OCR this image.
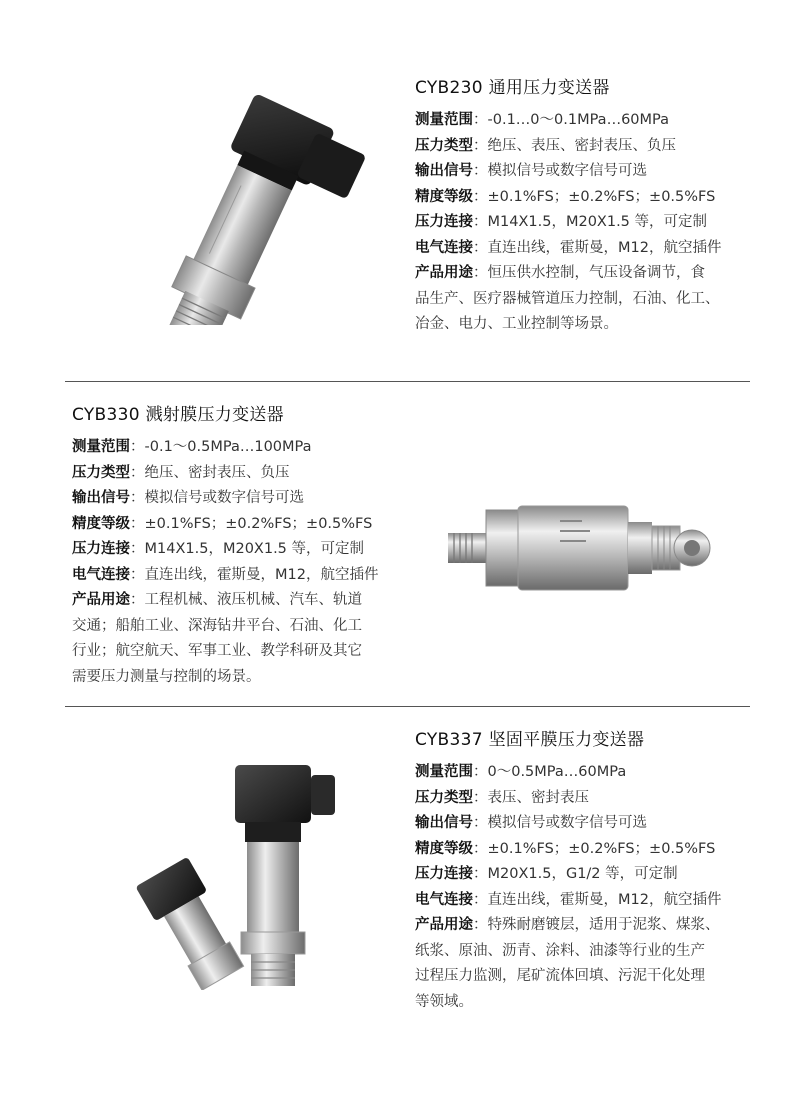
CYB230 通用压力变送器
测量范围：-0.1…0～0.1MPa…60MPa
压力类型：绝压、表压、密封表压、负压
输出信号：模拟信号或数字信号可选
精度等级：±0.1%FS；±0.2%FS；±0.5%FS
压力连接：M14X1.5，M20X1.5 等，可定制
电气连接：直连出线，霍斯曼，M12，航空插件
产品用途：恒压供水控制，气压设备调节，食
品生产、医疗器械管道压力控制，石油、化工、
冶金、电力、工业控制等场景。
CYB330 溅射膜压力变送器
测量范围：-0.1～0.5MPa…100MPa
压力类型：绝压、密封表压、负压
输出信号：模拟信号或数字信号可选
精度等级：±0.1%FS；±0.2%FS；±0.5%FS
压力连接：M14X1.5，M20X1.5 等，可定制
电气连接：直连出线，霍斯曼，M12，航空插件
产品用途：工程机械、液压机械、汽车、轨道
交通；船舶工业、深海钻井平台、石油、化工
行业；航空航天、军事工业、教学科研及其它
需要压力测量与控制的场景。
CYB337 坚固平膜压力变送器
测量范围：0～0.5MPa…60MPa
压力类型：表压、密封表压
输出信号：模拟信号或数字信号可选
精度等级：±0.1%FS；±0.2%FS；±0.5%FS
压力连接：M20X1.5，G1/2 等，可定制
电气连接：直连出线，霍斯曼，M12，航空插件
产品用途：特殊耐磨镀层，适用于泥浆、煤浆、
纸浆、原油、沥青、涂料、油漆等行业的生产
过程压力监测，尾矿流体回填、污泥干化处理
等领域。
